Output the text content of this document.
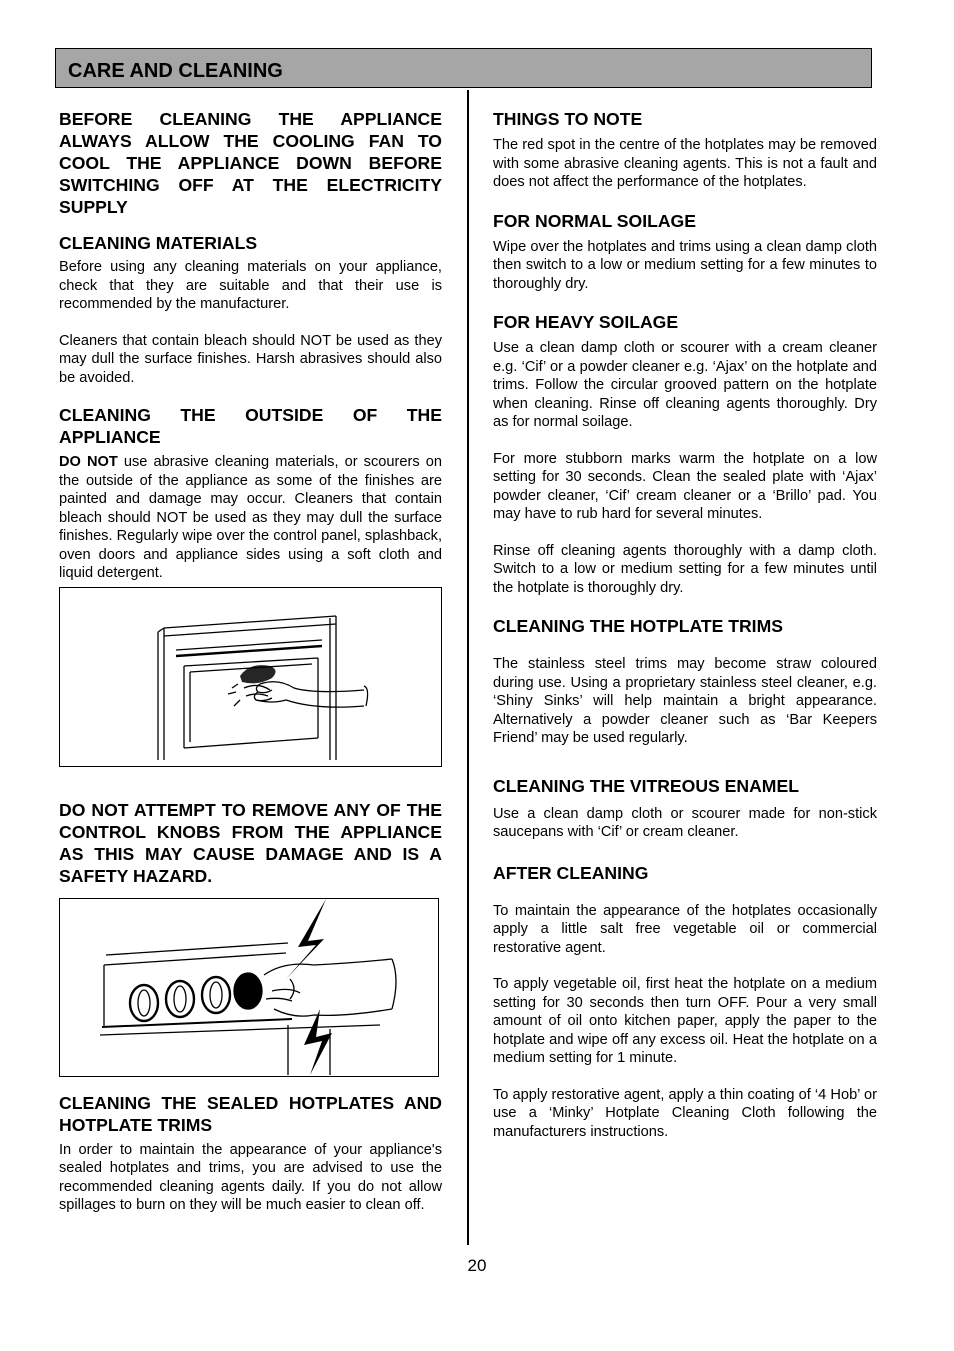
CARE AND CLEANING

BEFORE CLEANING THE APPLIANCE ALWAYS ALLOW THE COOLING FAN TO COOL THE APPLIANCE DOWN BEFORE SWITCHING OFF AT THE ELECTRICITY SUPPLY

CLEANING MATERIALS

Before using any cleaning materials on your appliance, check that they are suitable and that their use is recommended by the manufacturer.

Cleaners that contain bleach should NOT be used as they may dull the surface finishes. Harsh abrasives should also be avoided.

CLEANING THE OUTSIDE OF THE APPLIANCE

DO NOT use abrasive cleaning materials, or scourers on the outside of the appliance as some of the finishes are painted and damage may occur. Cleaners that contain bleach should NOT be used as they may dull the surface finishes. Regularly wipe over the control panel, splashback, oven doors and appliance sides using a soft cloth and liquid detergent.

DO NOT ATTEMPT TO REMOVE ANY OF THE CONTROL KNOBS FROM THE APPLIANCE AS THIS MAY CAUSE DAMAGE AND IS A SAFETY HAZARD.

CLEANING THE SEALED HOTPLATES AND HOTPLATE TRIMS

In order to maintain the appearance of your appliance's sealed hotplates and trims, you are advised to use the recommended cleaning agents daily. If you do not allow spillages to burn on they will be much easier to clean off.

THINGS TO NOTE

The red spot in the centre of the hotplates may be removed with some abrasive cleaning agents. This is not a fault and does not affect the performance of the hotplates.

FOR NORMAL SOILAGE

Wipe over the hotplates and trims using a clean damp cloth then switch to a low or medium setting for a few minutes to thoroughly dry.

FOR HEAVY SOILAGE

Use a clean damp cloth or scourer with a cream cleaner e.g. ‘Cif’ or a powder cleaner e.g. ‘Ajax’ on the hotplate and trims. Follow the circular grooved pattern on the hotplate when cleaning. Rinse off cleaning agents thoroughly. Dry as for normal soilage.

For more stubborn marks warm the hotplate on a low setting for 30 seconds. Clean the sealed plate with ‘Ajax’ powder cleaner, ‘Cif’ cream cleaner or a ‘Brillo’ pad. You may have to rub hard for several minutes.

Rinse off cleaning agents thoroughly with a damp cloth. Switch to a low or medium setting for a few minutes until the hotplate is thoroughly dry.

CLEANING THE HOTPLATE TRIMS

The stainless steel trims may become straw coloured during use. Using a proprietary stainless steel cleaner, e.g. ‘Shiny Sinks’ will help maintain a bright appearance. Alternatively a powder cleaner such as ‘Bar Keepers Friend’ may be used regularly.

CLEANING THE VITREOUS ENAMEL

Use a clean damp cloth or scourer made for non-stick saucepans with ‘Cif’ or cream cleaner.

AFTER CLEANING

To maintain the appearance of the hotplates occasionally apply a little salt free vegetable oil or commercial restorative agent.

To apply vegetable oil, first heat the hotplate on a medium setting for 30 seconds then turn OFF. Pour a very small amount of oil onto kitchen paper, apply the paper to the hotplate and wipe off any excess oil. Heat the hotplate on a medium setting for 1 minute.

To apply restorative agent, apply a thin coating of ‘4 Hob’ or use a ‘Minky’ Hotplate Cleaning Cloth following the manufacturers instructions.

20
